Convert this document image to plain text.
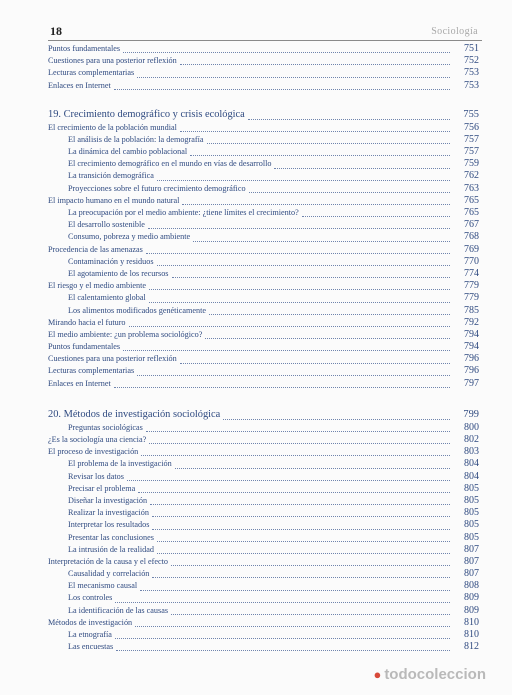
18	Sociología
Puntos fundamentales	751
Cuestiones para una posterior reflexión	752
Lecturas complementarias	753
Enlaces en Internet	753
19. Crecimiento demográfico y crisis ecológica	755
El crecimiento de la población mundial	756
El análisis de la población: la demografía	757
La dinámica del cambio poblacional	757
El crecimiento demográfico en el mundo en vías de desarrollo	759
La transición demográfica	762
Proyecciones sobre el futuro crecimiento demográfico	763
El impacto humano en el mundo natural	765
La preocupación por el medio ambiente: ¿tiene límites el crecimiento?	765
El desarrollo sostenible	767
Consumo, pobreza y medio ambiente	768
Procedencia de las amenazas	769
Contaminación y residuos	770
El agotamiento de los recursos	774
El riesgo y el medio ambiente	779
El calentamiento global	779
Los alimentos modificados genéticamente	785
Mirando hacia el futuro	792
El medio ambiente: ¿un problema sociológico?	794
Puntos fundamentales	794
Cuestiones para una posterior reflexión	796
Lecturas complementarias	796
Enlaces en Internet	797
20. Métodos de investigación sociológica	799
Preguntas sociológicas	800
¿Es la sociología una ciencia?	802
El proceso de investigación	803
El problema de la investigación	804
Revisar los datos	804
Precisar el problema	805
Diseñar la investigación	805
Realizar la investigación	805
Interpretar los resultados	805
Presentar las conclusiones	805
La intrusión de la realidad	807
Interpretación de la causa y el efecto	807
Causalidad y correlación	807
El mecanismo causal	808
Los controles	809
La identificación de las causas	809
Métodos de investigación	810
La etnografía	810
Las encuestas	812
● todocoleccion
